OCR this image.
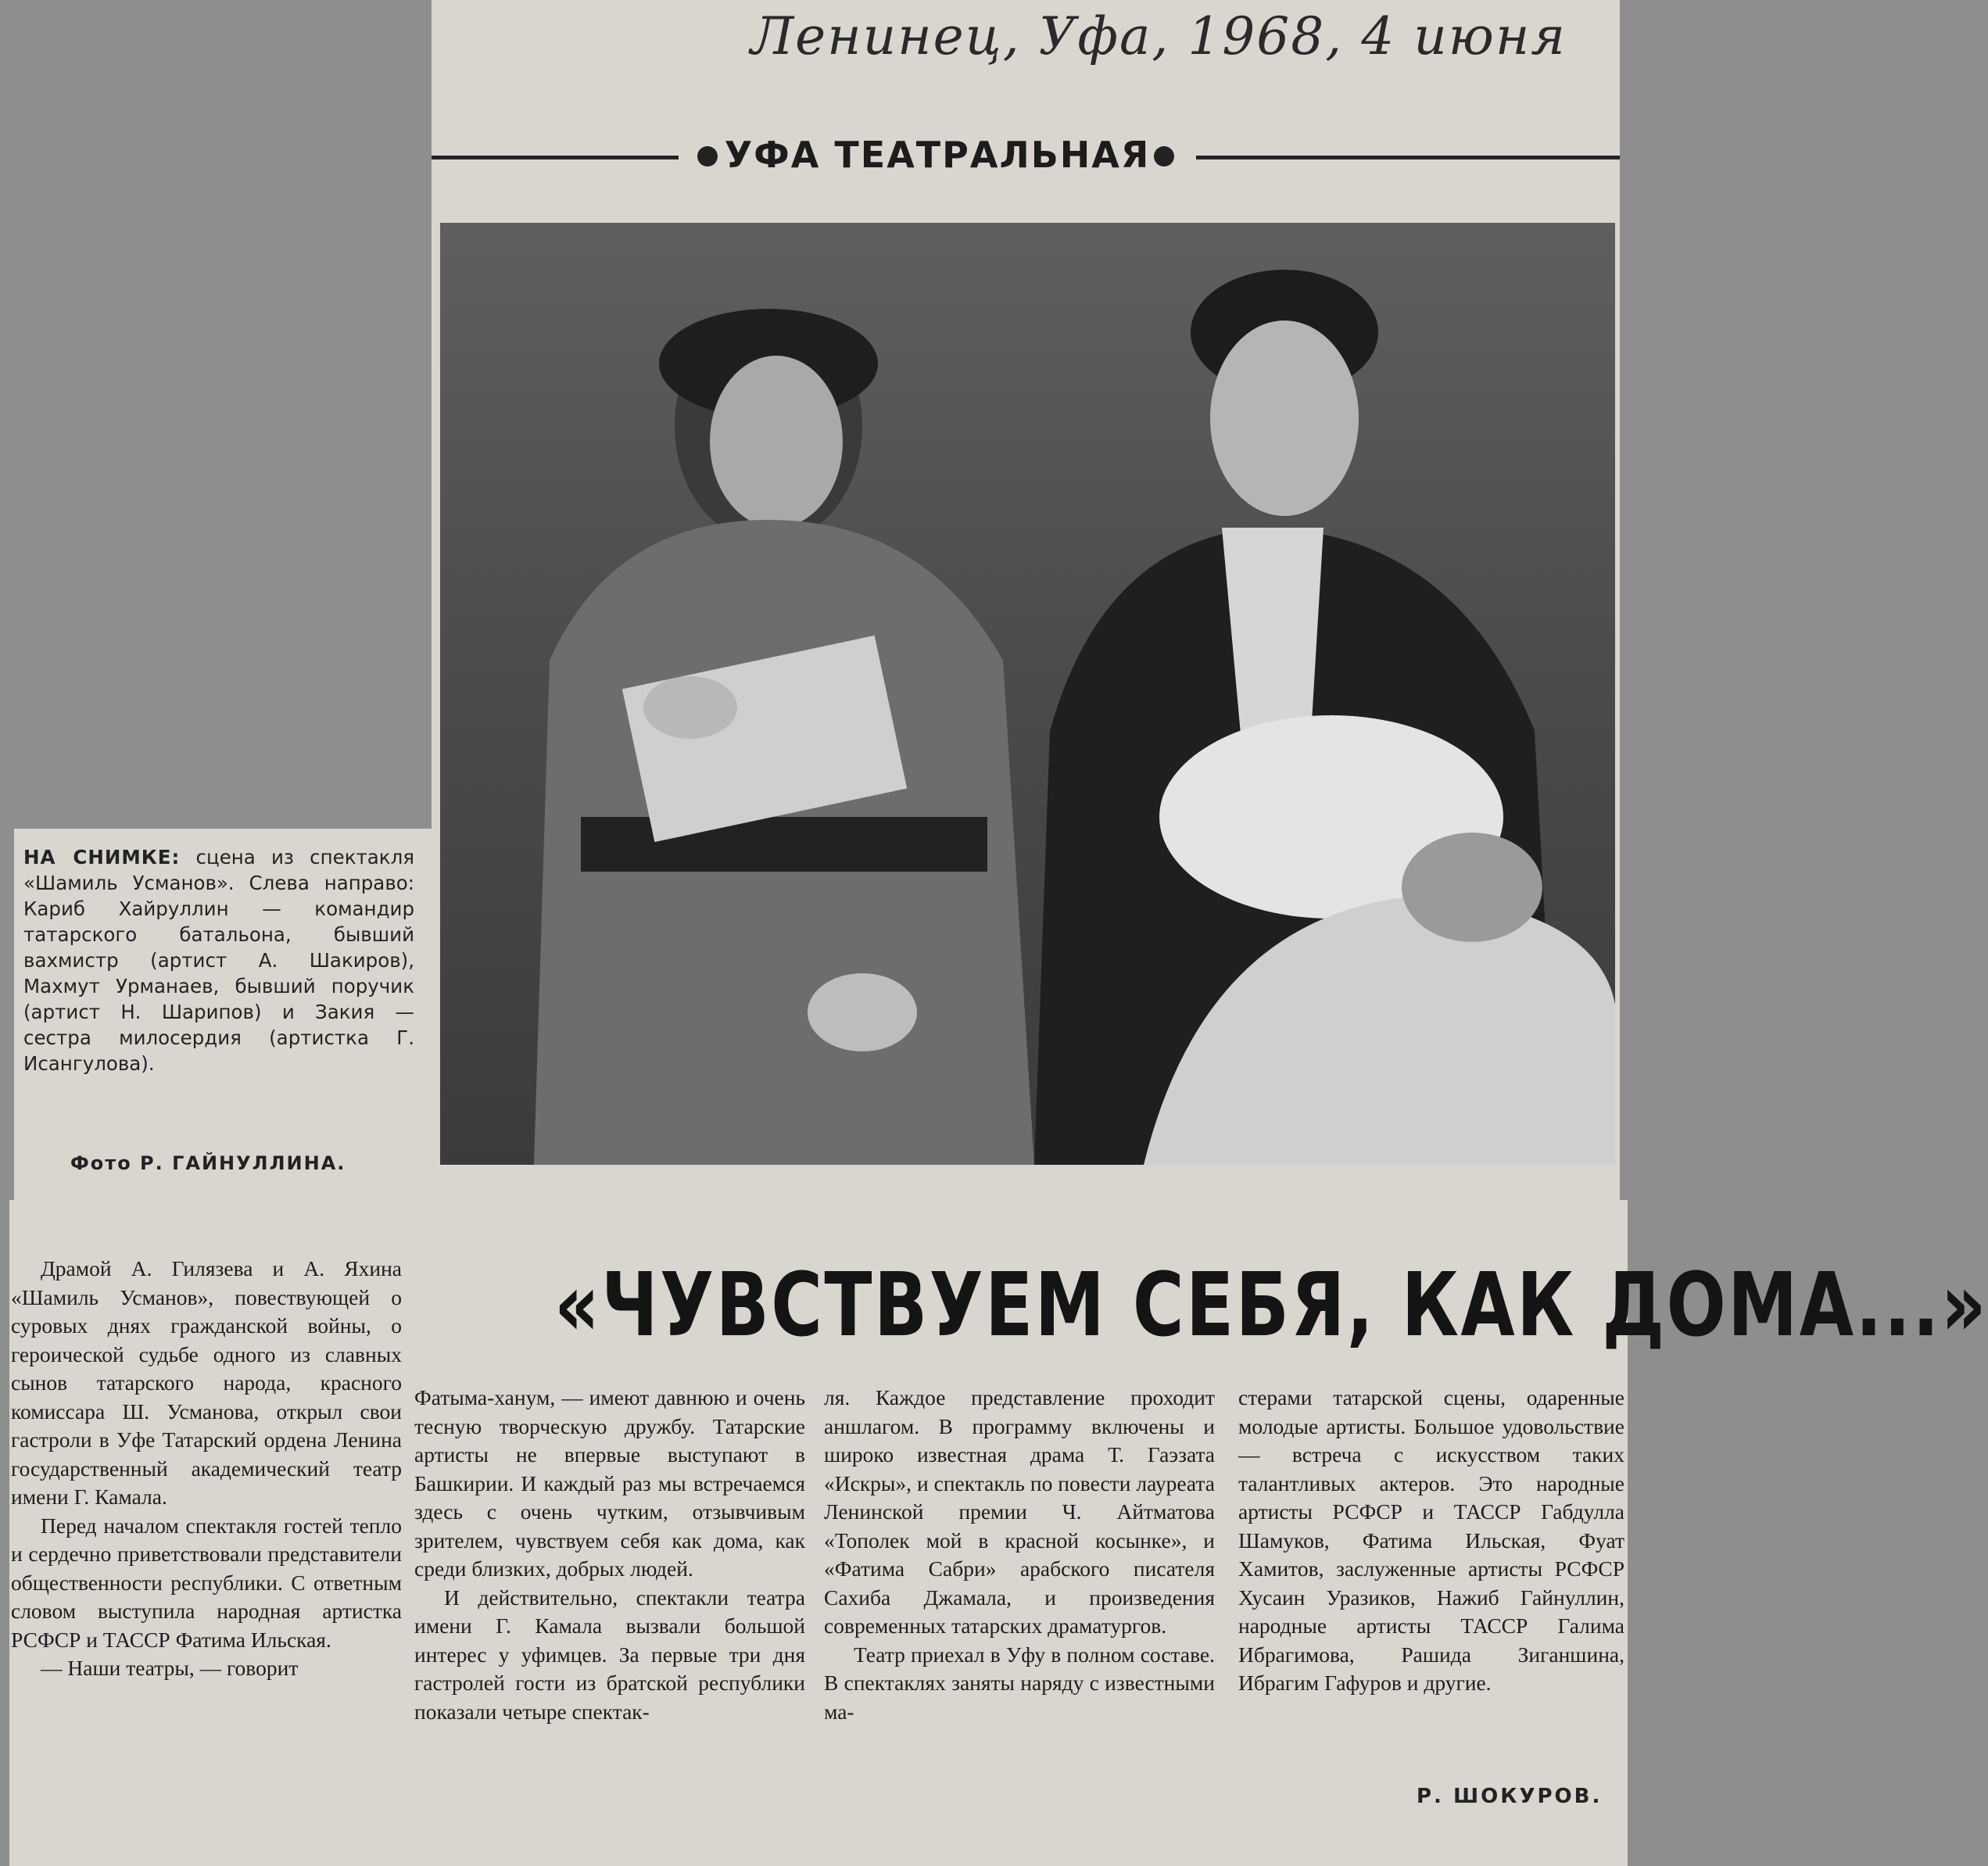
Ленинец, Уфа, 1968, 4 июня
УФА ТЕАТРАЛЬНАЯ
НА СНИМКЕ: сцена из спектакля «Шамиль Усманов». Слева направо: Кариб Хайруллин — командир татарского батальона, бывший вахмистр (артист А. Шакиров), Махмут Урманаев, бывший поручик (артист Н. Шарипов) и Закия — сестра милосердия (артистка Г. Исангулова).
Фото Р. ГАЙНУЛЛИНА.
«ЧУВСТВУЕМ СЕБЯ, КАК ДОМА...»

Драмой А. Гилязева и А. Яхина «Шамиль Усманов», повествующей о суровых днях гражданской войны, о героической судьбе одного из славных сынов татарского народа, красного комиссара Ш. Усманова, открыл свои гастроли в Уфе Татарский ордена Ленина государственный академический театр имени Г. Камала.

Перед началом спектакля гостей тепло и сердечно приветствовали представители общественности республики. С ответным словом выступила народная артистка РСФСР и ТАССР Фатима Ильская.

— Наши театры, — говорит

Фатыма-ханум, — имеют давнюю и очень тесную творческую дружбу. Татарские артисты не впервые выступают в Башкирии. И каждый раз мы встречаемся здесь с очень чутким, отзывчивым зрителем, чувствуем себя как дома, как среди близких, добрых людей.

И действительно, спектакли театра имени Г. Камала вызвали большой интерес у уфимцев. За первые три дня гастролей гости из братской республики показали четыре спектак-

ля. Каждое представление проходит аншлагом. В программу включены и широко известная драма Т. Гаэзата «Искры», и спектакль по повести лауреата Ленинской премии Ч. Айтматова «Тополек мой в красной косынке», и «Фатима Сабри» арабского писателя Сахиба Джамала, и произведения современных татарских драматургов.

Театр приехал в Уфу в полном составе. В спектаклях заняты наряду с известными ма-

стерами татарской сцены, одаренные молодые артисты. Большое удовольствие — встреча с искусством таких талантливых актеров. Это народные артисты РСФСР и ТАССР Габдулла Шамуков, Фатима Ильская, Фуат Хамитов, заслуженные артисты РСФСР Хусаин Уразиков, Нажиб Гайнуллин, народные артисты ТАССР Галима Ибрагимова, Рашида Зиганшина, Ибрагим Гафуров и другие.

Р. ШОКУРОВ.
